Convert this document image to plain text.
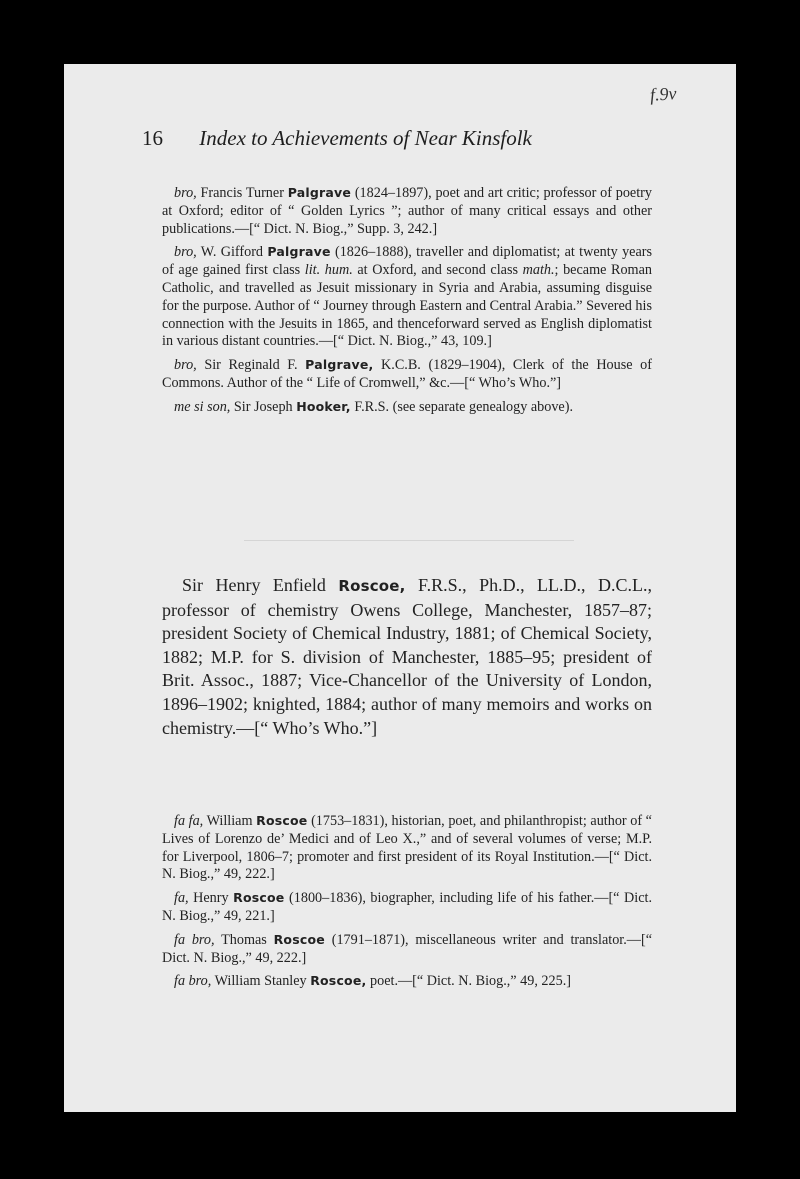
f.9v
16 Index to Achievements of Near Kinsfolk

bro, Francis Turner Palgrave (1824–1897), poet and art critic; professor of poetry at Oxford; editor of “ Golden Lyrics ”; author of many critical essays and other publications.—[“ Dict. N. Biog.,” Supp. 3, 242.]

bro, W. Gifford Palgrave (1826–1888), traveller and diplomatist; at twenty years of age gained first class lit. hum. at Oxford, and second class math.; became Roman Catholic, and travelled as Jesuit missionary in Syria and Arabia, assuming disguise for the purpose. Author of “ Journey through Eastern and Central Arabia.” Severed his connection with the Jesuits in 1865, and thenceforward served as English diplomatist in various distant countries.—[“ Dict. N. Biog.,” 43, 109.]

bro, Sir Reginald F. Palgrave, K.C.B. (1829–1904), Clerk of the House of Commons. Author of the “ Life of Cromwell,” &c.—[“ Who’s Who.”]

me si son, Sir Joseph Hooker, F.R.S. (see separate genealogy above).

Sir Henry Enfield Roscoe, F.R.S., Ph.D., LL.D., D.C.L., professor of chemistry Owens College, Manchester, 1857–87; president Society of Chemical Industry, 1881; of Chemical Society, 1882; M.P. for S. division of Manchester, 1885–95; president of Brit. Assoc., 1887; Vice-Chancellor of the University of London, 1896–1902; knighted, 1884; author of many memoirs and works on chemistry.—[“ Who’s Who.”]

fa fa, William Roscoe (1753–1831), historian, poet, and philanthropist; author of “ Lives of Lorenzo de’ Medici and of Leo X.,” and of several volumes of verse; M.P. for Liverpool, 1806–7; promoter and first president of its Royal Institution.—[“ Dict. N. Biog.,” 49, 222.]

fa, Henry Roscoe (1800–1836), biographer, including life of his father.—[“ Dict. N. Biog.,” 49, 221.]

fa bro, Thomas Roscoe (1791–1871), miscellaneous writer and translator.—[“ Dict. N. Biog.,” 49, 222.]

fa bro, William Stanley Roscoe, poet.—[“ Dict. N. Biog.,” 49, 225.]
